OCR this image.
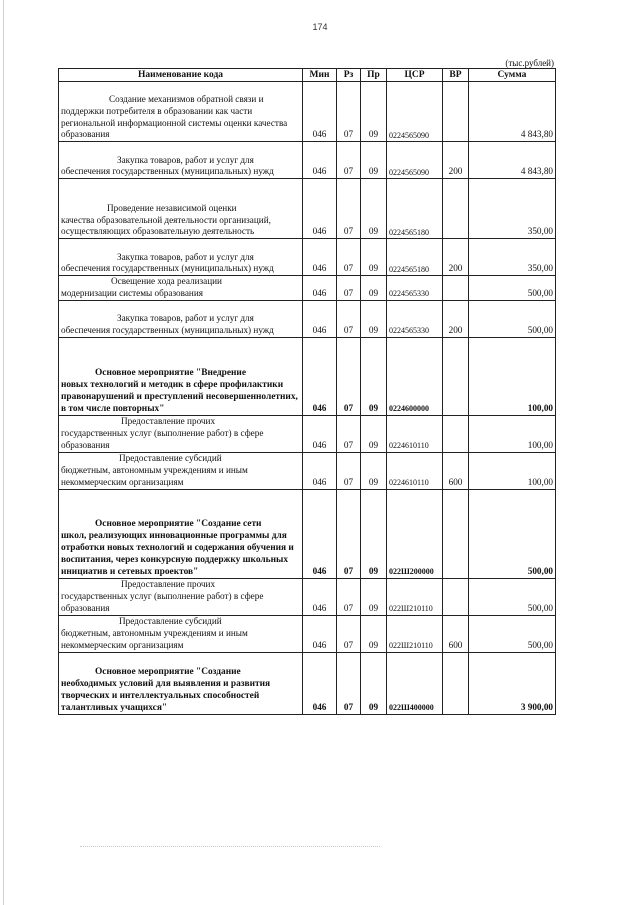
174
(тыс.рублей)
Наименование кода	Мин	Рз	Пр	ЦСР	ВР	Сумма

Создание механизмов обратной связи и
поддержки потребителя в образовании как части региональной информационной системы оценки качества образования	046	07	09	0224565090		4 843,80

Закупка товаров, работ и услуг для
обеспечения государственных (муниципальных) нужд	046	07	09	0224565090	200	4 843,80

Проведение независимой оценки
качества образовательной деятельности организаций, осуществляющих образовательную деятельность	046	07	09	0224565180		350,00

Закупка товаров, работ и услуг для
обеспечения государственных (муниципальных) нужд	046	07	09	0224565180	200	350,00

Освещение хода реализации
модернизации системы образования	046	07	09	0224565330		500,00

Закупка товаров, работ и услуг для
обеспечения государственных (муниципальных) нужд	046	07	09	0224565330	200	500,00

Основное мероприятие "Внедрение
новых технологий и методик в сфере профилактики правонарушений и преступлений несовершеннолетних, в том числе повторных"	046	07	09	0224600000		100,00

Предоставление прочих
государственных услуг (выполнение работ) в сфере образования	046	07	09	0224610110		100,00

Предоставление субсидий
бюджетным, автономным учреждениям и иным некоммерческим организациям	046	07	09	0224610110	600	100,00

Основное мероприятие "Создание сети
школ, реализующих инновационные программы для отработки новых технологий и содержания обучения и воспитания, через конкурсную поддержку школьных инициатив и сетевых проектов"	046	07	09	022Ш200000		500,00

Предоставление прочих
государственных услуг (выполнение работ) в сфере образования	046	07	09	022Ш210110		500,00

Предоставление субсидий
бюджетным, автономным учреждениям и иным некоммерческим организациям	046	07	09	022Ш210110	600	500,00

Основное мероприятие "Создание
необходимых условий для выявления и развития творческих и интеллектуальных способностей талантливых учащихся"	046	07	09	022Ш400000		3 900,00
